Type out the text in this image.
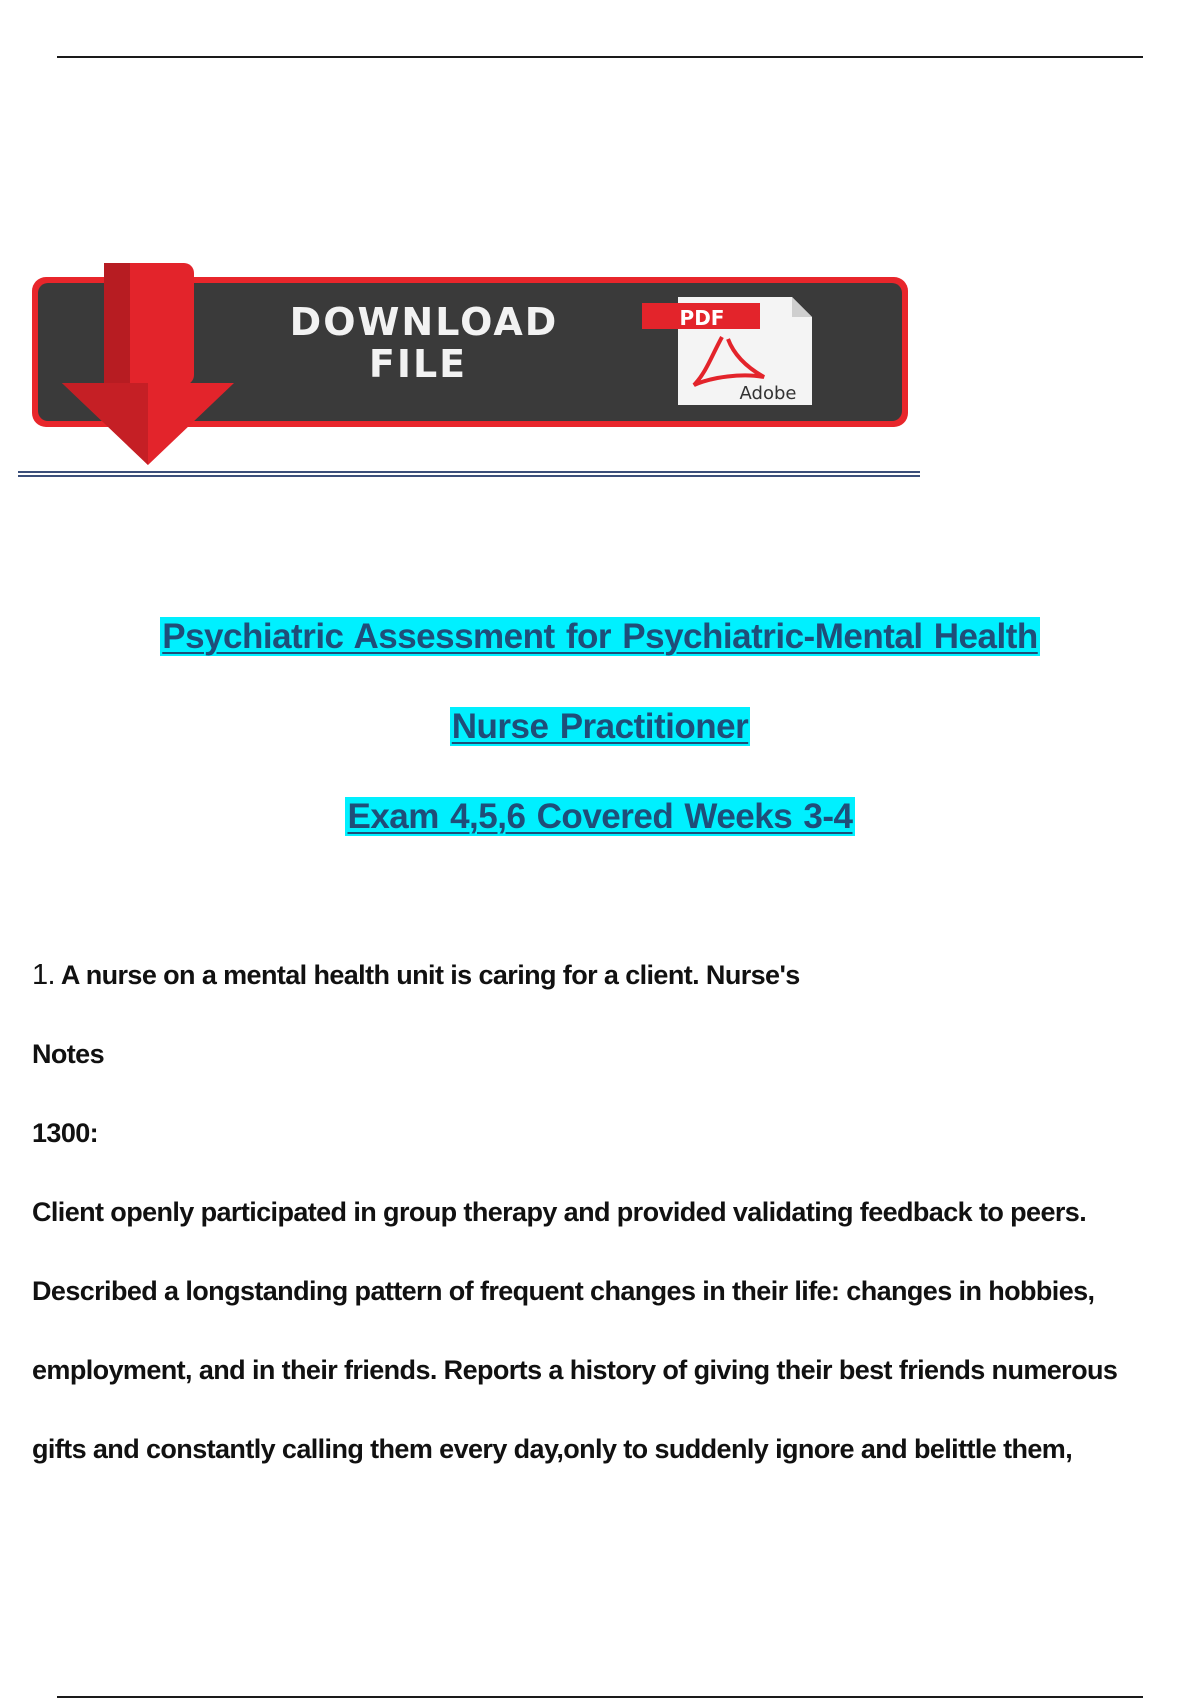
DOWNLOAD
FILE
PDF
Adobe
Psychiatric Assessment for Psychiatric-Mental Health
Nurse Practitioner
Exam 4,5,6 Covered Weeks 3-4
1. A nurse on a mental health unit is caring for a client. Nurse's
Notes
1300:
Client openly participated in group therapy and provided validating feedback to peers.
Described a longstanding pattern of frequent changes in their life: changes in hobbies,
employment, and in their friends. Reports a history of giving their best friends numerous
gifts and constantly calling them every day,only to suddenly ignore and belittle them,
